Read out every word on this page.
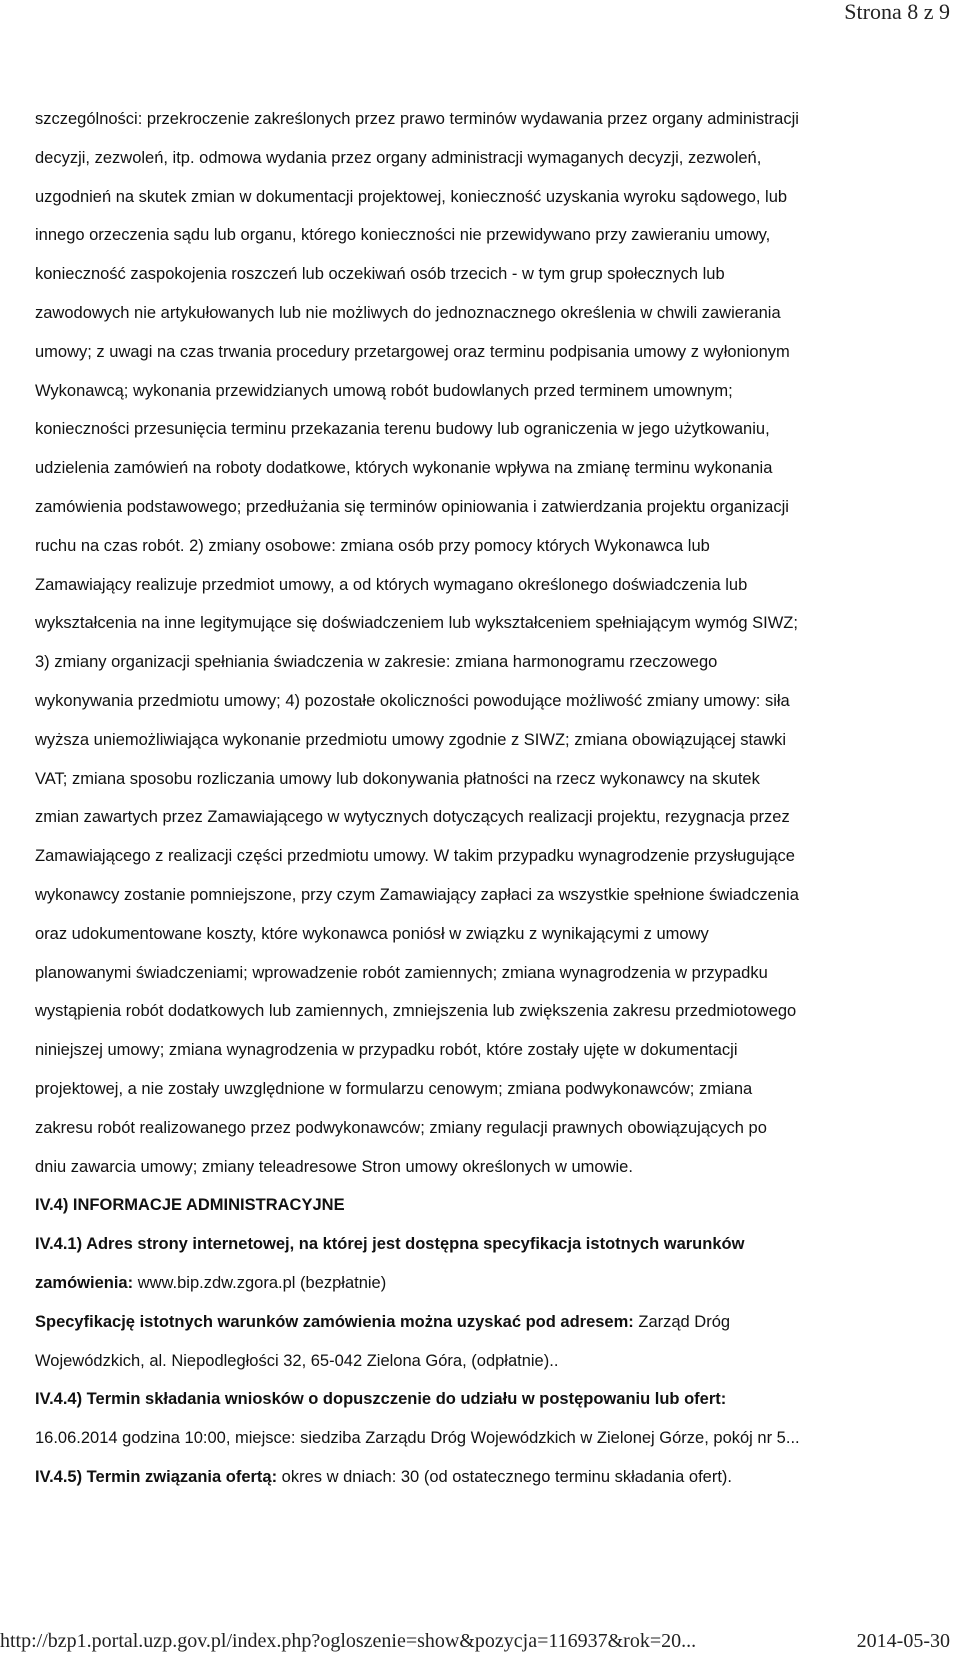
Strona 8 z 9
szczególności: przekroczenie zakreślonych przez prawo terminów wydawania przez organy administracji
decyzji, zezwoleń, itp. odmowa wydania przez organy administracji wymaganych decyzji, zezwoleń,
uzgodnień na skutek zmian w dokumentacji projektowej, konieczność uzyskania wyroku sądowego, lub
innego orzeczenia sądu lub organu, którego konieczności nie przewidywano przy zawieraniu umowy,
konieczność zaspokojenia roszczeń lub oczekiwań osób trzecich - w tym grup społecznych lub
zawodowych nie artykułowanych lub nie możliwych do jednoznacznego określenia w chwili zawierania
umowy; z uwagi na czas trwania procedury przetargowej oraz terminu podpisania umowy z wyłonionym
Wykonawcą; wykonania przewidzianych umową robót budowlanych przed terminem umownym;
konieczności przesunięcia terminu przekazania terenu budowy lub ograniczenia w jego użytkowaniu,
udzielenia zamówień na roboty dodatkowe, których wykonanie wpływa na zmianę terminu wykonania
zamówienia podstawowego; przedłużania się terminów opiniowania i zatwierdzania projektu organizacji
ruchu na czas robót. 2) zmiany osobowe: zmiana osób przy pomocy których Wykonawca lub
Zamawiający realizuje przedmiot umowy, a od których wymagano określonego doświadczenia lub
wykształcenia na inne legitymujące się doświadczeniem lub wykształceniem spełniającym wymóg SIWZ;
3) zmiany organizacji spełniania świadczenia w zakresie: zmiana harmonogramu rzeczowego
wykonywania przedmiotu umowy; 4) pozostałe okoliczności powodujące możliwość zmiany umowy: siła
wyższa uniemożliwiająca wykonanie przedmiotu umowy zgodnie z SIWZ; zmiana obowiązującej stawki
VAT; zmiana sposobu rozliczania umowy lub dokonywania płatności na rzecz wykonawcy na skutek
zmian zawartych przez Zamawiającego w wytycznych dotyczących realizacji projektu, rezygnacja przez
Zamawiającego z realizacji części przedmiotu umowy. W takim przypadku wynagrodzenie przysługujące
wykonawcy zostanie pomniejszone, przy czym Zamawiający zapłaci za wszystkie spełnione świadczenia
oraz udokumentowane koszty, które wykonawca poniósł w związku z wynikającymi z umowy
planowanymi świadczeniami; wprowadzenie robót zamiennych; zmiana wynagrodzenia w przypadku
wystąpienia robót dodatkowych lub zamiennych, zmniejszenia lub zwiększenia zakresu przedmiotowego
niniejszej umowy; zmiana wynagrodzenia w przypadku robót, które zostały ujęte w dokumentacji
projektowej, a nie zostały uwzględnione w formularzu cenowym; zmiana podwykonawców; zmiana
zakresu robót realizowanego przez podwykonawców; zmiany regulacji prawnych obowiązujących po
dniu zawarcia umowy; zmiany teleadresowe Stron umowy określonych w umowie.
IV.4) INFORMACJE ADMINISTRACYJNE
IV.4.1) Adres strony internetowej, na której jest dostępna specyfikacja istotnych warunków
zamówienia: www.bip.zdw.zgora.pl (bezpłatnie)
Specyfikację istotnych warunków zamówienia można uzyskać pod adresem: Zarząd Dróg
Wojewódzkich, al. Niepodległości 32, 65-042 Zielona Góra, (odpłatnie)..
IV.4.4) Termin składania wniosków o dopuszczenie do udziału w postępowaniu lub ofert:
16.06.2014 godzina 10:00, miejsce: siedziba Zarządu Dróg Wojewódzkich w Zielonej Górze, pokój nr 5...
IV.4.5) Termin związania ofertą: okres w dniach: 30 (od ostatecznego terminu składania ofert).
http://bzp1.portal.uzp.gov.pl/index.php?ogloszenie=show&pozycja=116937&rok=20...	2014-05-30
